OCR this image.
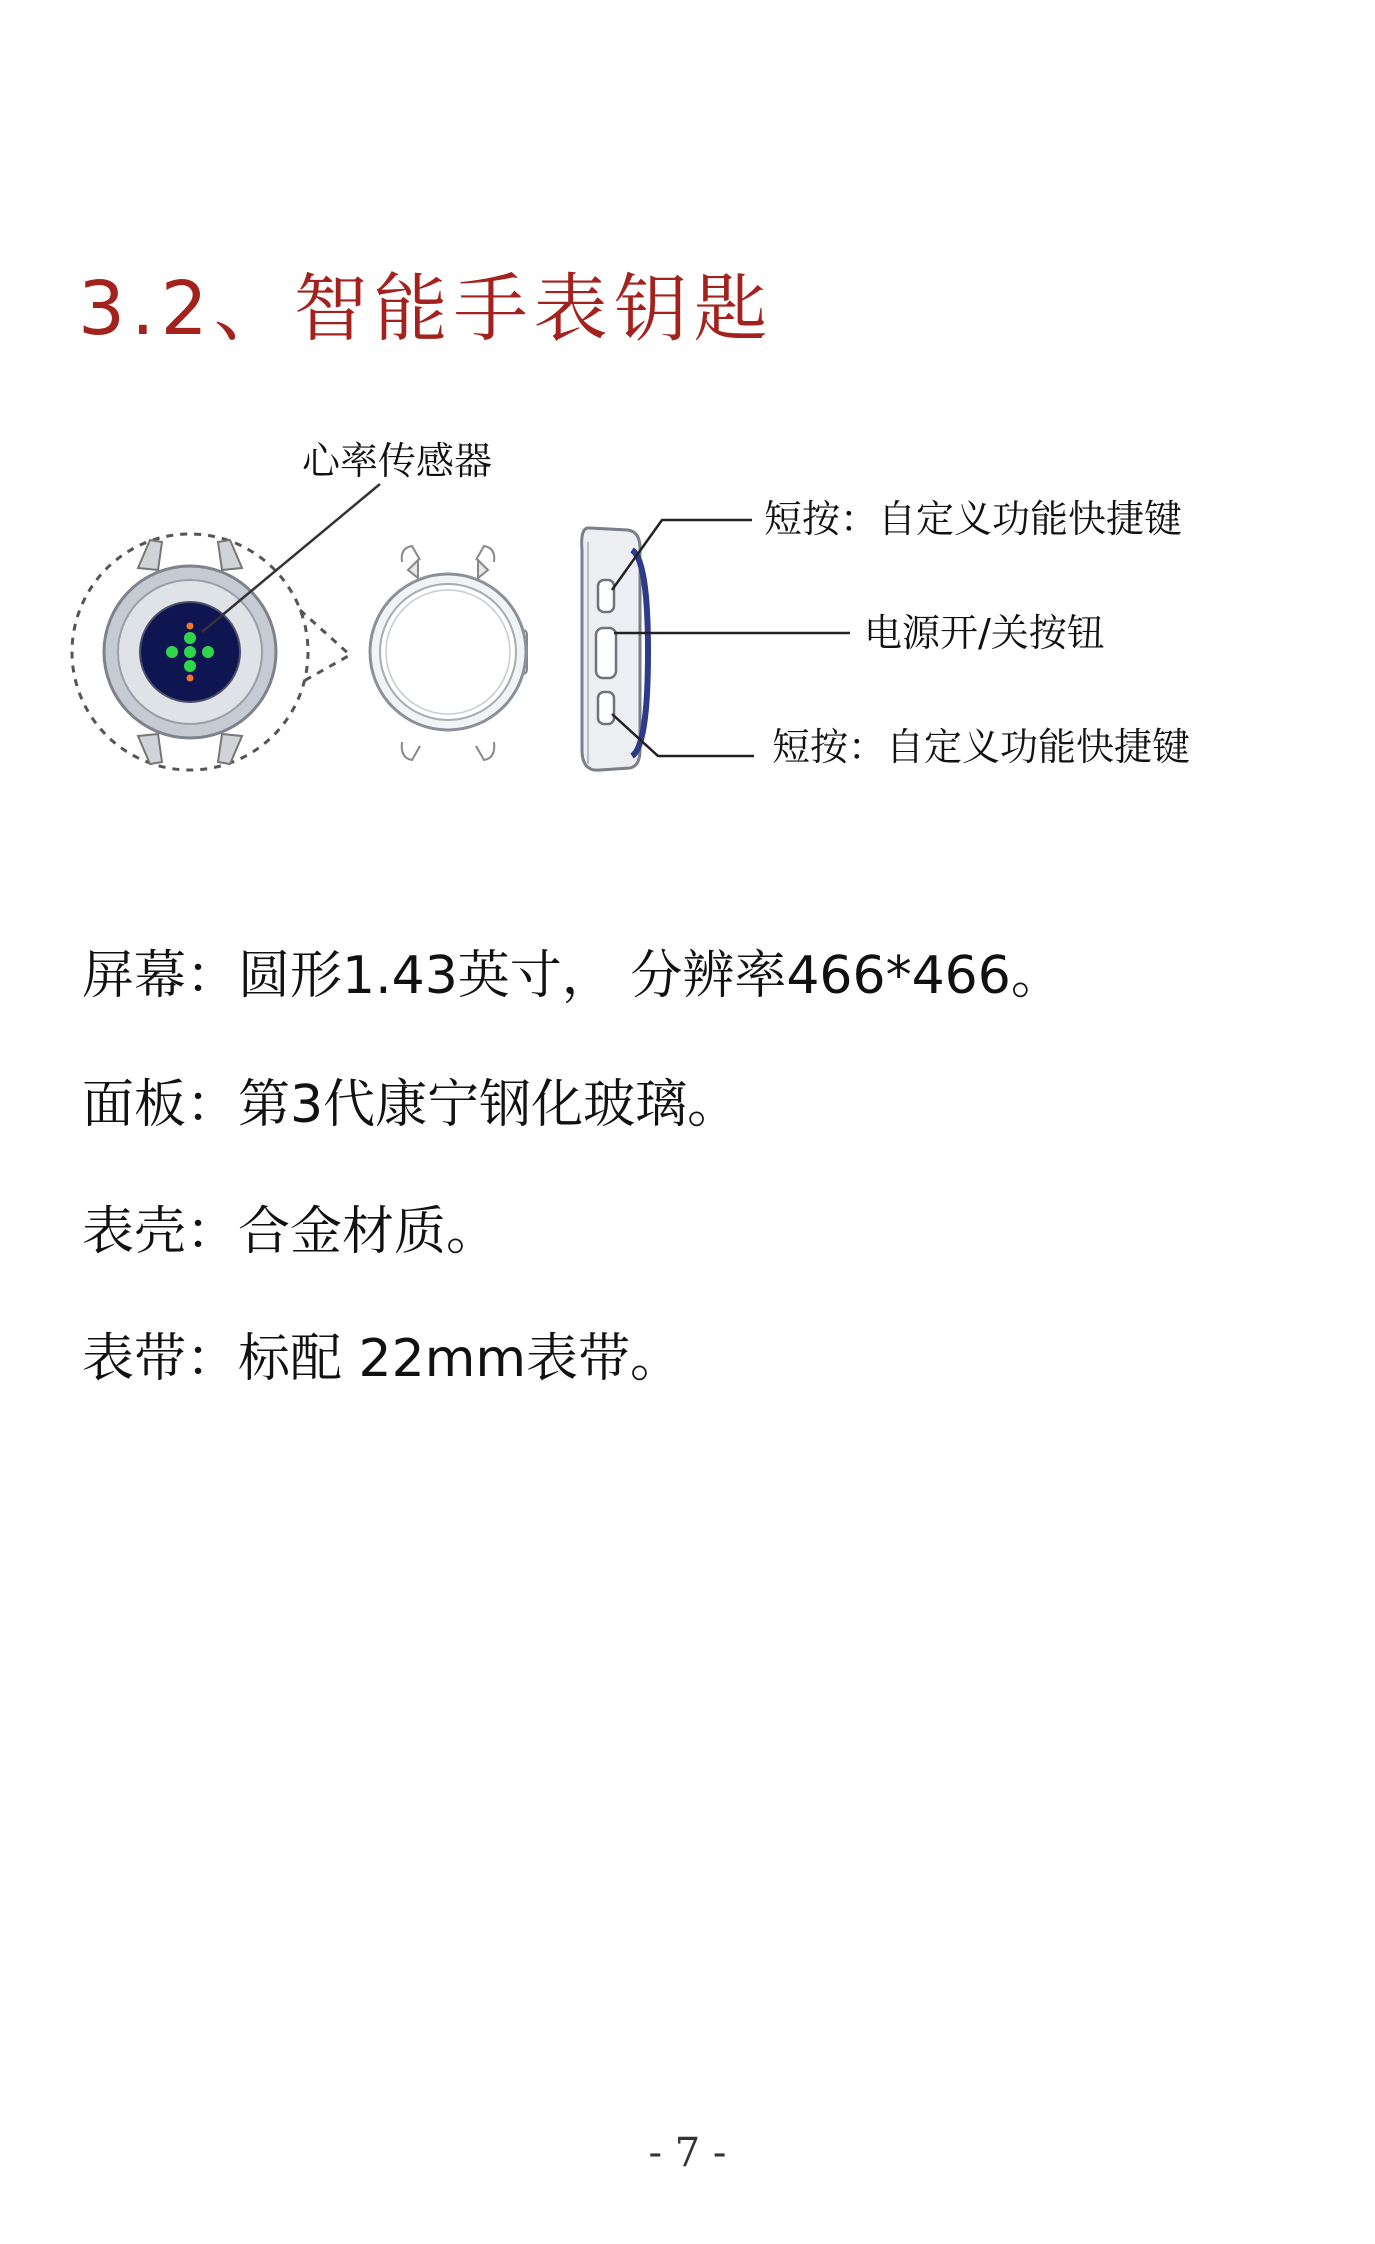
3.2、智能手表钥匙
心率传感器
短按：自定义功能快捷键
电源开/关按钮
短按：自定义功能快捷键
屏幕：圆形1.43英寸， 分辨率466*466。
面板：第3代康宁钢化玻璃。
表壳：合金材质。
表带：标配 22mm表带。
- 7 -
